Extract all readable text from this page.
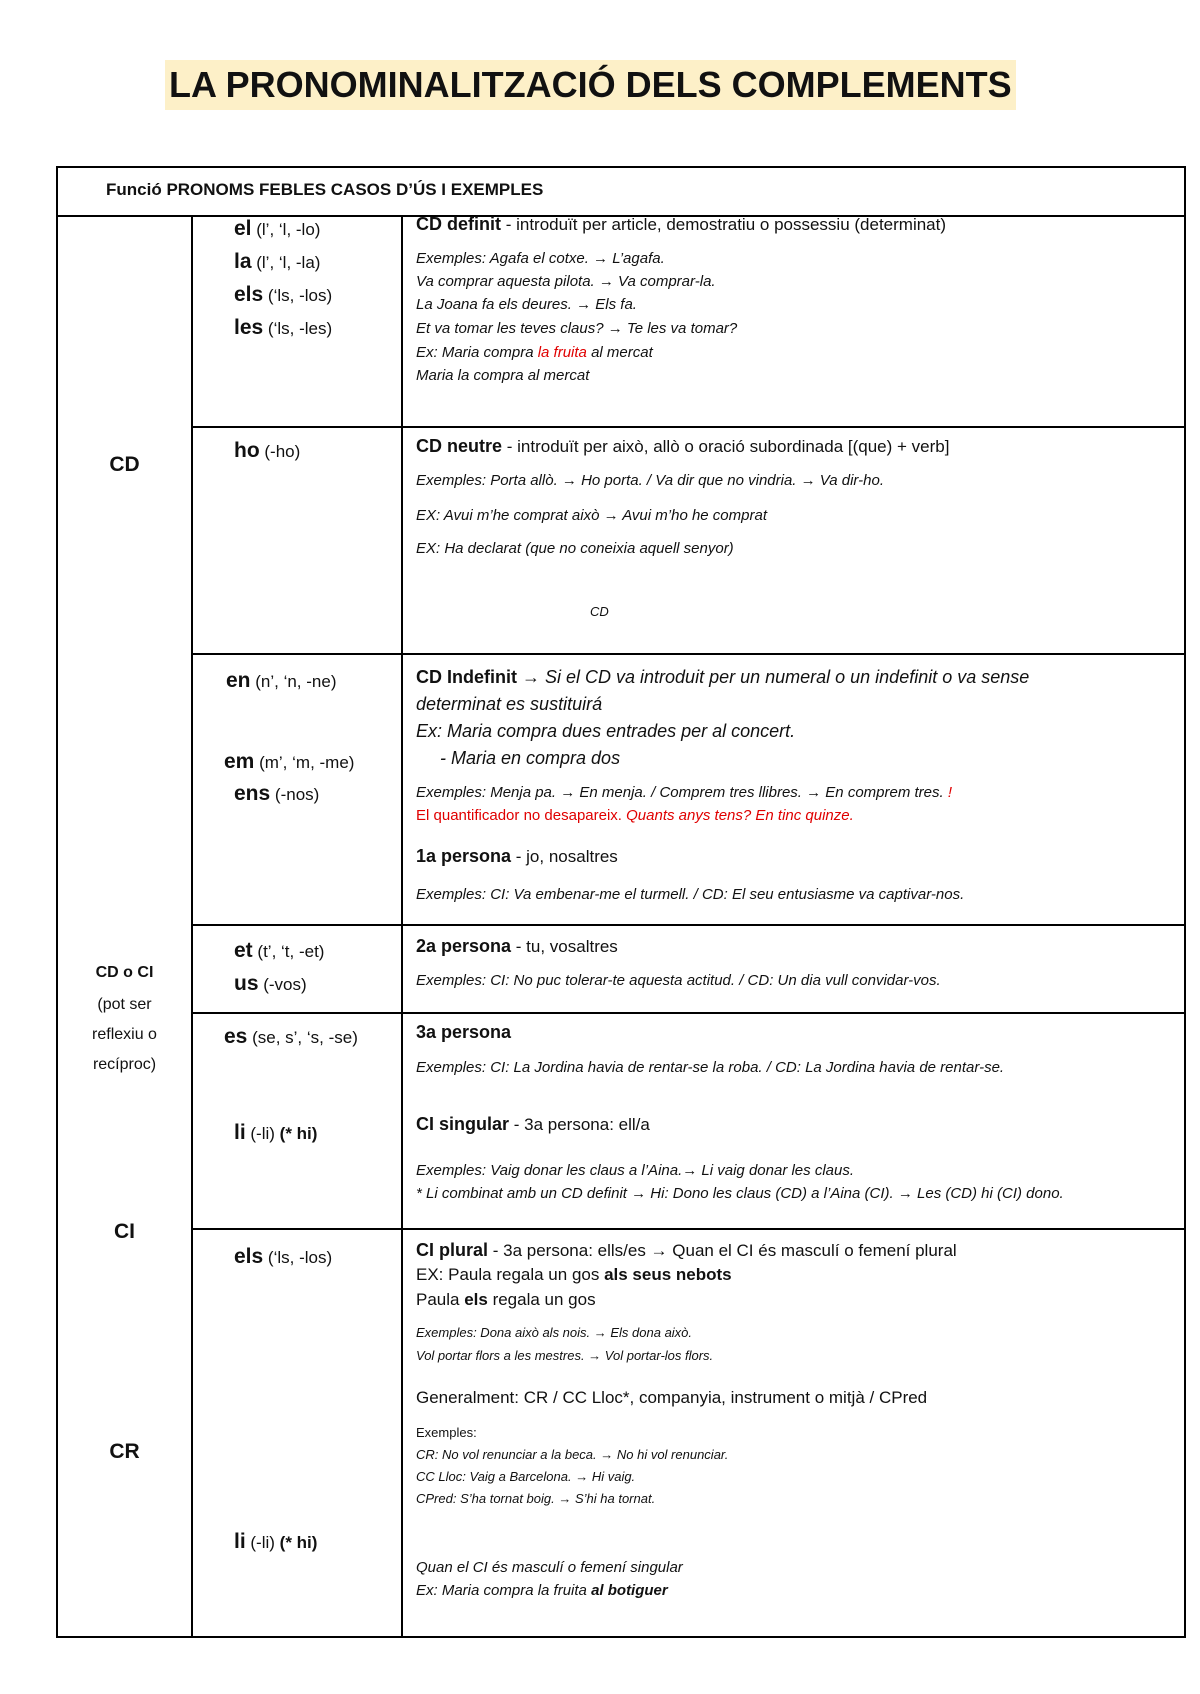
LA PRONOMINALITZACIÓ DELS COMPLEMENTS
Funció PRONOMS FEBLES CASOS D’ÚS I EXEMPLES
CD
CD o CI
(pot ser
reflexiu o
recíproc)
CI
CR
el (l’, ‘l, -lo)
la (l’, ‘l, -la)
els (‘ls, -los)
les (‘ls, -les)
ho (-ho)
en (n’, ‘n, -ne)
em (m’, ‘m, -me)
ens (-nos)
et (t’, ‘t, -et)
us (-vos)
es (se, s’, ‘s, -se)
li (-li) (* hi)
els (‘ls, -los)
li (-li) (* hi)
CD definit - introduït per article, demostratiu o possessiu (determinat)
Exemples: Agafa el cotxe. → L’agafa.
Va comprar aquesta pilota. → Va comprar-la.
La Joana fa els deures. → Els fa.
Et va tomar les teves claus? → Te les va tomar?
Ex: Maria compra la fruita al mercat
Maria la compra al mercat
CD neutre - introduït per això, allò o oració subordinada [(que) + verb]
Exemples: Porta allò. → Ho porta. / Va dir que no vindria. → Va dir-ho.
EX: Avui m’he comprat això → Avui m’ho he comprat
EX: Ha declarat (que no coneixia aquell senyor)
CD
CD Indefinit → Si el CD va introduit per un numeral o un indefinit o va sense
determinat es sustituirá
Ex: Maria compra dues entrades per al concert.
- Maria en compra dos
Exemples: Menja pa. → En menja. / Comprem tres llibres. → En comprem tres. !
El quantificador no desapareix. Quants anys tens? En tinc quinze.
1a persona - jo, nosaltres
Exemples: CI: Va embenar-me el turmell. / CD: El seu entusiasme va captivar-nos.
2a persona - tu, vosaltres
Exemples: CI: No puc tolerar-te aquesta actitud. / CD: Un dia vull convidar-vos.
3a persona
Exemples: CI: La Jordina havia de rentar-se la roba. / CD: La Jordina havia de rentar-se.
CI singular - 3a persona: ell/a
Exemples: Vaig donar les claus a l’Aina.→ Li vaig donar les claus.
* Li combinat amb un CD definit → Hi: Dono les claus (CD) a l’Aina (CI). → Les (CD) hi (CI) dono.
CI plural - 3a persona: ells/es → Quan el CI és masculí o femení plural
EX: Paula regala un gos als seus nebots
Paula els regala un gos
Exemples: Dona això als nois. → Els dona això.
Vol portar flors a les mestres. → Vol portar-los flors.
Generalment: CR / CC Lloc*, companyia, instrument o mitjà / CPred
Exemples:
CR: No vol renunciar a la beca. → No hi vol renunciar.
CC Lloc: Vaig a Barcelona. → Hi vaig.
CPred: S’ha tornat boig. → S’hi ha tornat.
Quan el CI és masculí o femení singular
Ex: Maria compra la fruita al botiguer
